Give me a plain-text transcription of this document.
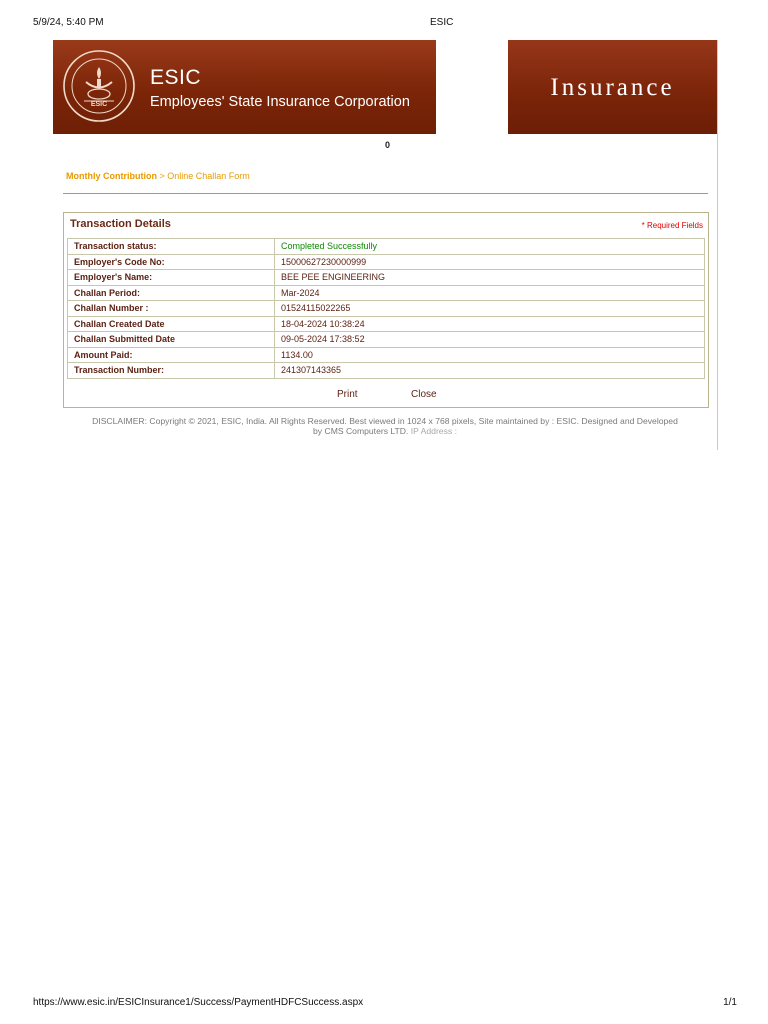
5/9/24, 5:40 PM	ESIC
ESIC
ESIC
Employees' State Insurance Corporation
Insurance
0
Monthly Contribution > Online Challan Form
Transaction Details	* Required Fields
Transaction status:	Completed Successfully
Employer's Code No:	15000627230000999
Employer's Name:	BEE PEE ENGINEERING
Challan Period:	Mar-2024
Challan Number :	01524115022265
Challan Created Date	18-04-2024 10:38:24
Challan Submitted Date	09-05-2024 17:38:52
Amount Paid:	1134.00
Transaction Number:	241307143365
Print	Close
DISCLAIMER: Copyright © 2021, ESIC, India. All Rights Reserved. Best viewed in 1024 x 768 pixels, Site maintained by : ESIC. Designed and Developed
by CMS Computers LTD. IP Address :
https://www.esic.in/ESICInsurance1/Success/PaymentHDFCSuccess.aspx	1/1
